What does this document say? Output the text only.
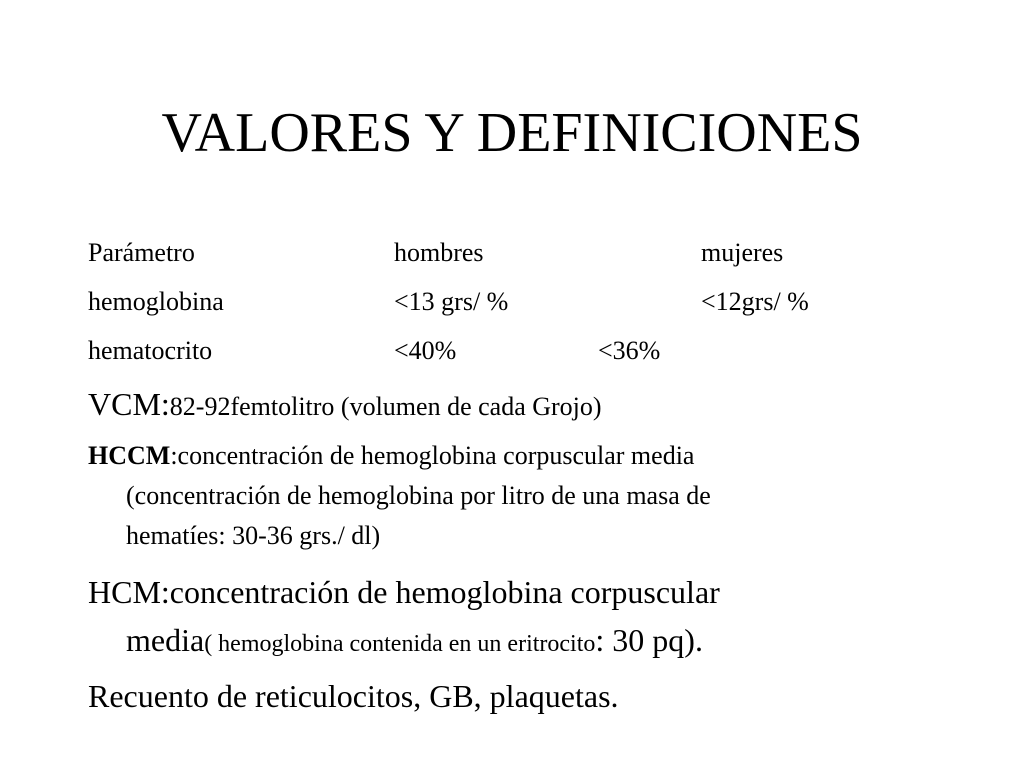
VALORES Y DEFINICIONES
Parámetro	hombres	mujeres
hemoglobina	<13 grs/ %	<12grs/ %
hematocrito	<40%	<36%
VCM:82-92femtolitro (volumen de cada Grojo)
HCCM:concentración de hemoglobina corpuscular media
(concentración de hemoglobina por litro de una masa de
hematíes: 30-36 grs./ dl)
HCM:concentración de hemoglobina corpuscular
media( hemoglobina contenida en un eritrocito: 30 pq).
Recuento de reticulocitos, GB, plaquetas.
